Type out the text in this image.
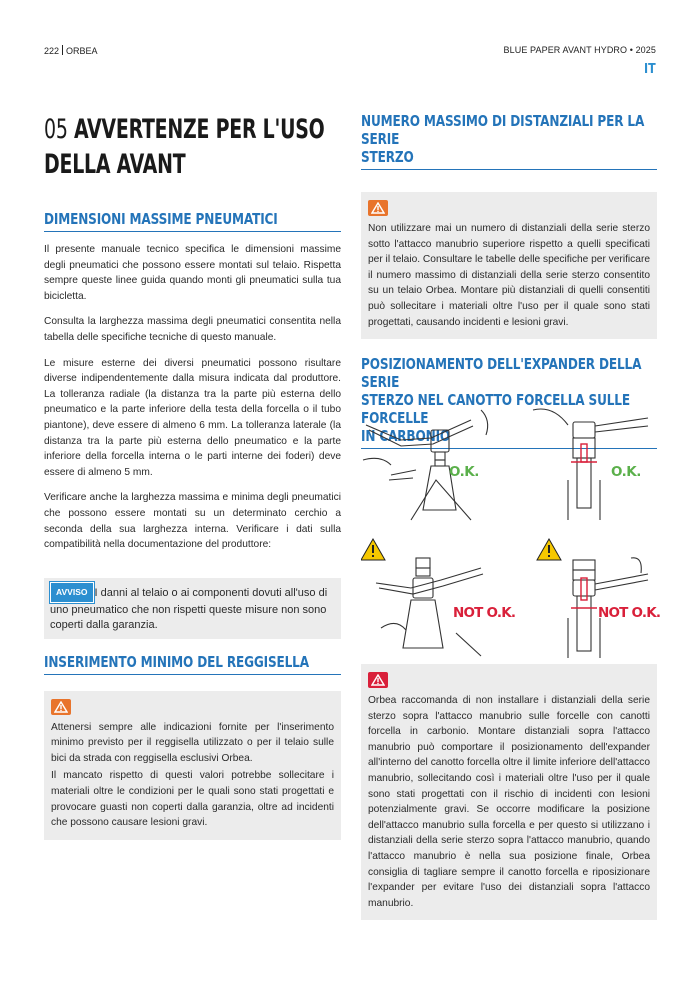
222 ORBEA	BLUE PAPER AVANT HYDRO • 2025
IT
05 AVVERTENZE PER L'USO
DELLA AVANT
DIMENSIONI MASSIME PNEUMATICI

Il presente manuale tecnico specifica le dimensioni massime degli pneumatici che possono essere montati sul telaio. Rispetta sempre queste linee guida quando monti gli pneumatici sulla tua bicicletta.

Consulta la larghezza massima degli pneumatici consentita nella tabella delle specifiche tecniche di questo manuale.

Le misure esterne dei diversi pneumatici possono risultare diverse indipendentemente dalla misura indicata dal produttore. La tolleranza radiale (la distanza tra la parte più esterna dello pneumatico e la parte inferiore della testa della forcella o il tubo piantone), deve essere di almeno 6 mm. La tolleranza laterale (la distanza tra la parte più esterna dello pneumatico e la parte inferiore della forcella interna o le parti interne dei foderi) deve essere di almeno 5 mm.

Verificare anche la larghezza massima e minima degli pneumatici che possono essere montati su un determinato cerchio a seconda della sua larghezza interna. Verificare i dati sulla compatibilità nella documentazione del produttore:

AVVISO I danni al telaio o ai componenti dovuti all'uso di uno pneumatico che non rispetti queste misure non sono coperti dalla garanzia.
INSERIMENTO MINIMO DEL REGGISELLA

Attenersi sempre alle indicazioni fornite per l'inserimento minimo previsto per il reggisella utilizzato o per il telaio sulle bici da strada con reggisella esclusivi Orbea.

Il mancato rispetto di questi valori potrebbe sollecitare i materiali oltre le condizioni per le quali sono stati progettati e provocare guasti non coperti dalla garanzia, oltre ad incidenti che possono causare lesioni gravi.

NUMERO MASSIMO DI DISTANZIALI PER LA SERIE
STERZO

Non utilizzare mai un numero di distanziali della serie sterzo sotto l'attacco manubrio superiore rispetto a quelli specificati per il telaio. Consultare le tabelle delle specifiche per verificare il numero massimo di distanziali della serie sterzo consentito su un telaio Orbea. Montare più distanziali di quelli consentiti può sollecitare i materiali oltre l'uso per il quale sono stati progettati, causando incidenti e lesioni gravi.

POSIZIONAMENTO DELL'EXPANDER DELLA SERIE
STERZO NEL CANOTTO FORCELLA SULLE FORCELLE
IN CARBONIO
O.K.	O.K.
NOT O.K.	NOT O.K.

Orbea raccomanda di non installare i distanziali della serie sterzo sopra l'attacco manubrio sulle forcelle con canotti forcella in carbonio. Montare distanziali sopra l'attacco manubrio può comportare il posizionamento dell'expander all'interno del canotto forcella oltre il limite inferiore dell'attacco manubrio, sollecitando così i materiali oltre l'uso per il quale sono stati progettati con il rischio di incidenti con lesioni potenzialmente gravi. Se occorre modificare la posizione dell'attacco manubrio sulla forcella e per questo si utilizzano i distanziali della serie sterzo sopra l'attacco manubrio, quando l'attacco manubrio è nella sua posizione finale, Orbea consiglia di tagliare sempre il canotto forcella e riposizionare l'expander per evitare l'uso dei distanziali sopra l'attacco manubrio.
